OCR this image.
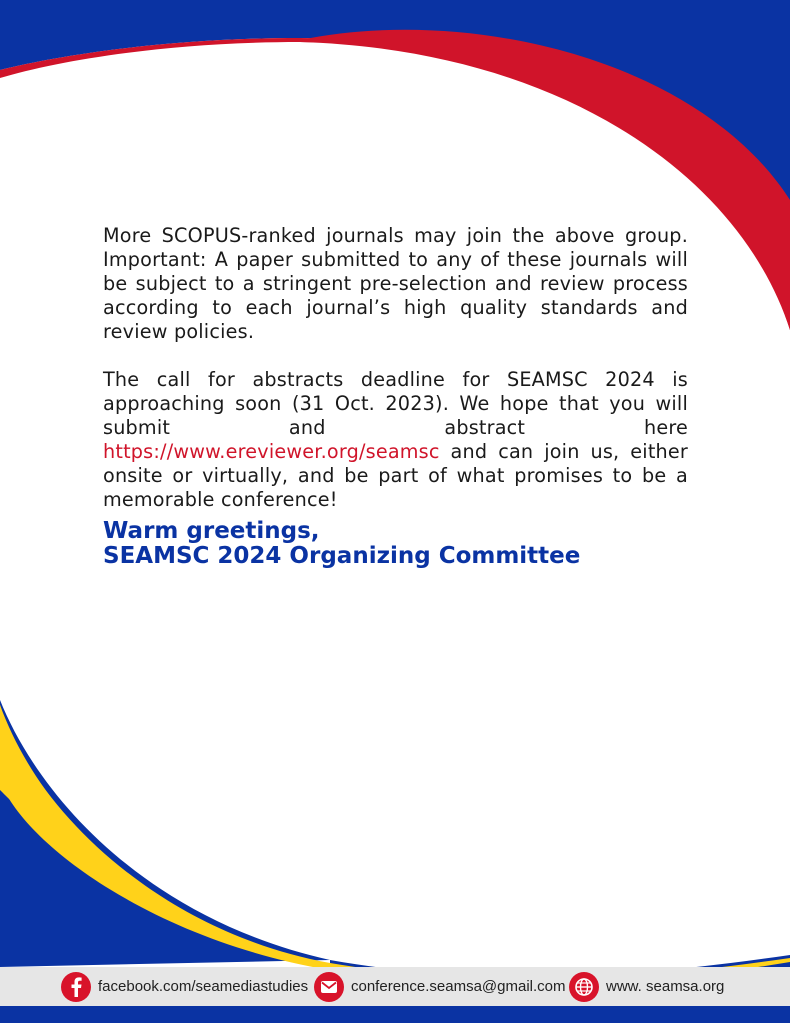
More SCOPUS-ranked journals may join the above group. Important: A paper submitted to any of these journals will be subject to a stringent pre-selection and review process according to each journal’s high quality standards and review policies.

The call for abstracts deadline for SEAMSC 2024 is approaching soon (31 Oct. 2023). We hope that you will submit and abstract here https://www.ereviewer.org/seamsc and can join us, either onsite or virtually, and be part of what promises to be a memorable conference!

Warm greetings,
SEAMSC 2024 Organizing Committee
facebook.com/seamediastudies	conference.seamsa@gmail.com	www. seamsa.org
